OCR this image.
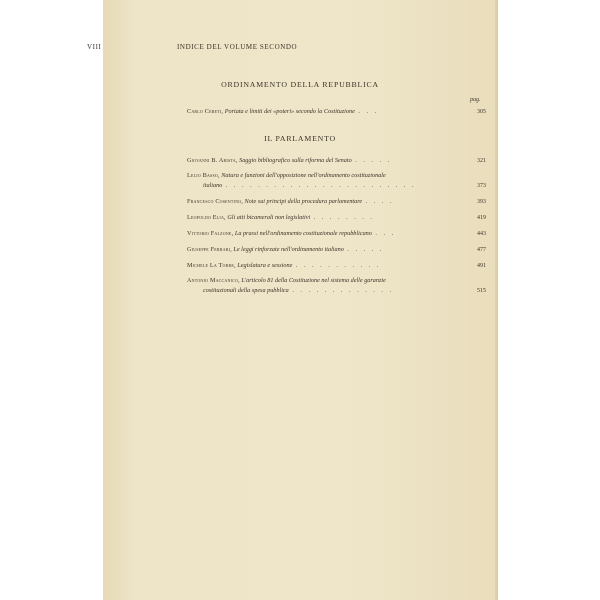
VIII	INDICE DEL VOLUME SECONDO
ORDINAMENTO DELLA REPUBBLICA
pag.
Carlo Cereti, Portata e limiti dei «poteri» secondo la Costituzione . . .	305
IL PARLAMENTO
Giovanni B. Arista, Saggio bibliografico sulla riforma del Senato . . . . .	321
Lelio Basso, Natura e funzioni dell'opposizione nell'ordinamento costituzionale
italiano . . . . . . . . . . . . . . . . . . . . . . . .	373
Francesco Cosentino, Note sui principi della procedura parlamentare . . . .	393
Leopoldo Elia, Gli atti bicamerali non legislativi . . . . . . . .	419
Vittorio Falzone, La prassi nell'ordinamento costituzionale repubblicano . . .	443
Giuseppe Ferrari, Le leggi rinforzate nell'ordinamento italiano . . . . .	477
Michele La Torre, Legislatura e sessione . . . . . . . . . . .	491
Antonio Maccanico, L'articolo 81 della Costituzione nel sistema delle garanzie
costituzionali della spesa pubblica . . . . . . . . . . . . .	515
